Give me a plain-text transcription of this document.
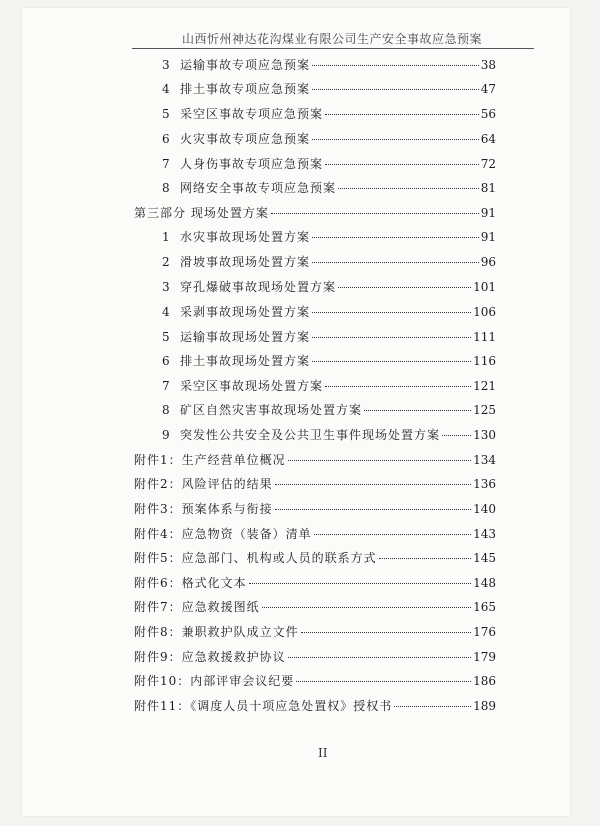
山西忻州神达花沟煤业有限公司生产安全事故应急预案
3 运输事故专项应急预案	38
4 排土事故专项应急预案	47
5 采空区事故专项应急预案	56
6 火灾事故专项应急预案	64
7 人身伤事故专项应急预案	72
8 网络安全事故专项应急预案	81
第三部分 现场处置方案	91
1 水灾事故现场处置方案	91
2 滑坡事故现场处置方案	96
3 穿孔爆破事故现场处置方案	101
4 采剥事故现场处置方案	106
5 运输事故现场处置方案	111
6 排土事故现场处置方案	116
7 采空区事故现场处置方案	121
8 矿区自然灾害事故现场处置方案	125
9 突发性公共安全及公共卫生事件现场处置方案	130
附件1：生产经营单位概况	134
附件2：风险评估的结果	136
附件3：预案体系与衔接	140
附件4：应急物资（装备）清单	143
附件5：应急部门、机构或人员的联系方式	145
附件6：格式化文本	148
附件7：应急救援图纸	165
附件8：兼职救护队成立文件	176
附件9：应急救援救护协议	179
附件10：内部评审会议纪要	186
附件11：《调度人员十项应急处置权》授权书	189
II
